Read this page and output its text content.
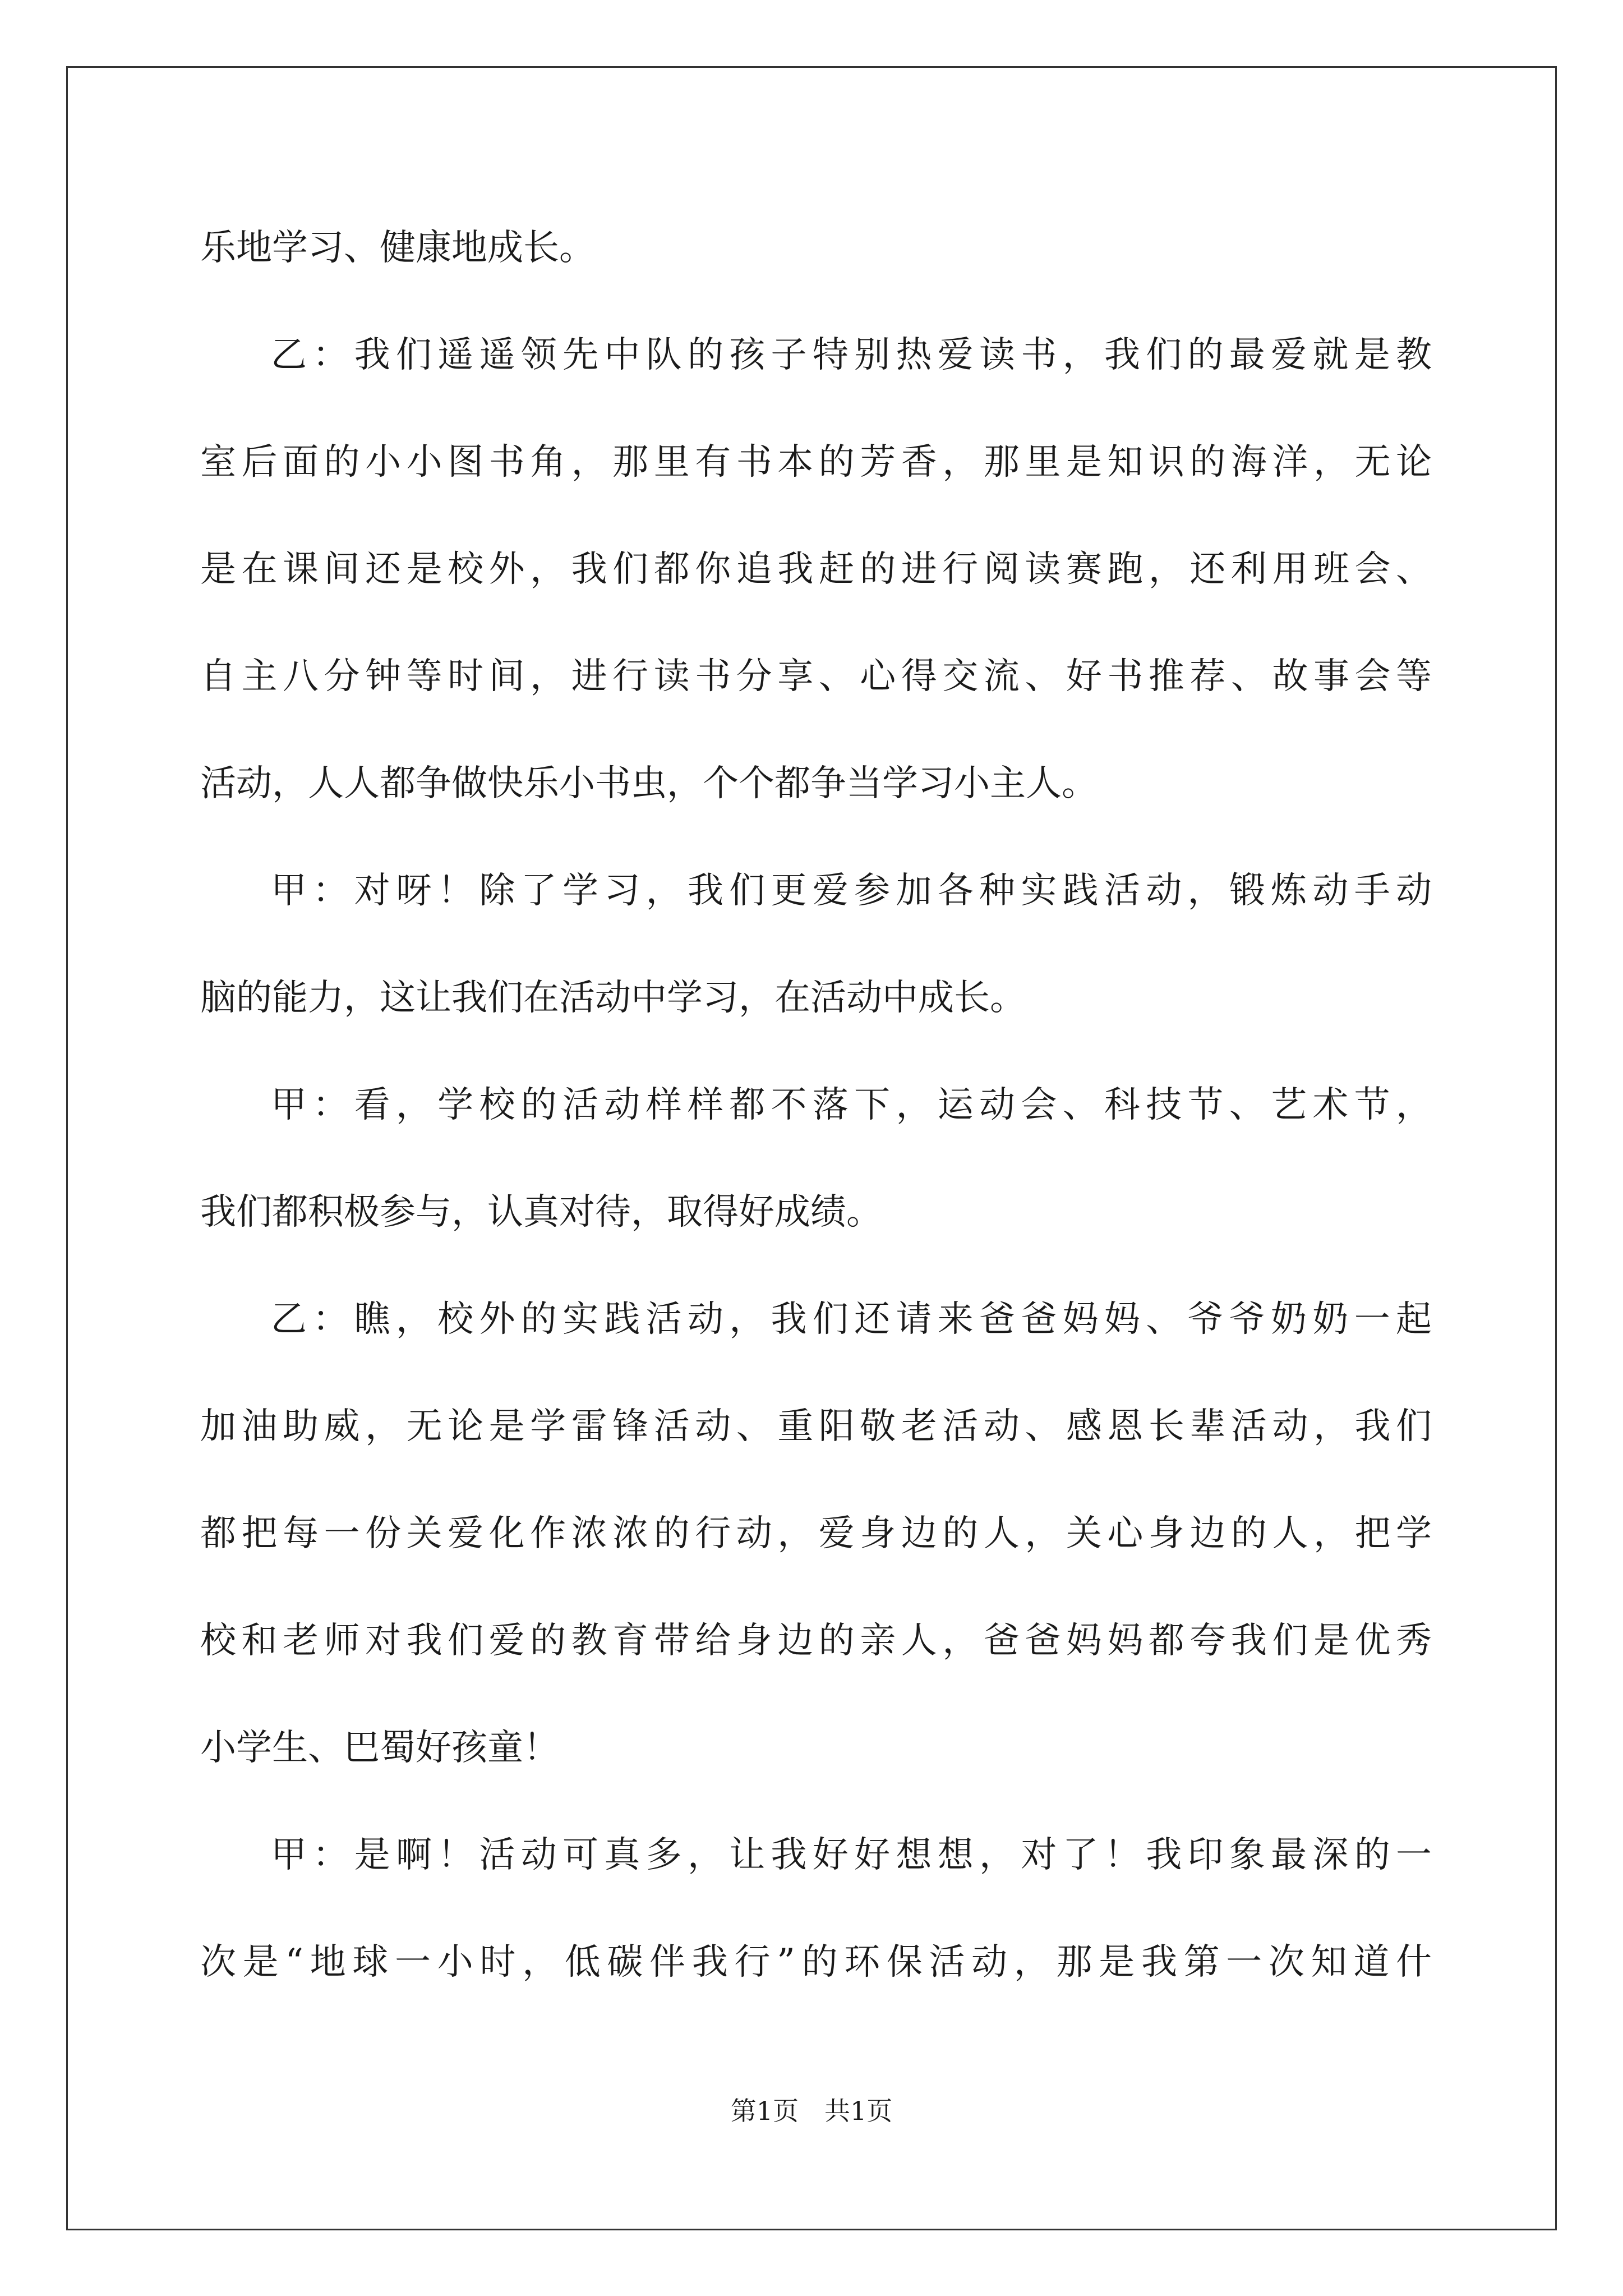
乐地学习、健康地成长。
乙：我们遥遥领先中队的孩子特别热爱读书，我们的最爱就是教
室后面的小小图书角，那里有书本的芳香，那里是知识的海洋，无论
是在课间还是校外，我们都你追我赶的进行阅读赛跑，还利用班会、
自主八分钟等时间，进行读书分享、心得交流、好书推荐、故事会等
活动，人人都争做快乐小书虫，个个都争当学习小主人。
甲：对呀！除了学习，我们更爱参加各种实践活动，锻炼动手动
脑的能力，这让我们在活动中学习，在活动中成长。
甲：看，学校的活动样样都不落下，运动会、科技节、艺术节，
我们都积极参与，认真对待，取得好成绩。
乙：瞧，校外的实践活动，我们还请来爸爸妈妈、爷爷奶奶一起
加油助威，无论是学雷锋活动、重阳敬老活动、感恩长辈活动，我们
都把每一份关爱化作浓浓的行动，爱身边的人，关心身边的人，把学
校和老师对我们爱的教育带给身边的亲人，爸爸妈妈都夸我们是优秀
小学生、巴蜀好孩童！
甲：是啊！活动可真多，让我好好想想，对了！我印象最深的一
次是“地球一小时，低碳伴我行”的环保活动，那是我第一次知道什
第1页　共1页
